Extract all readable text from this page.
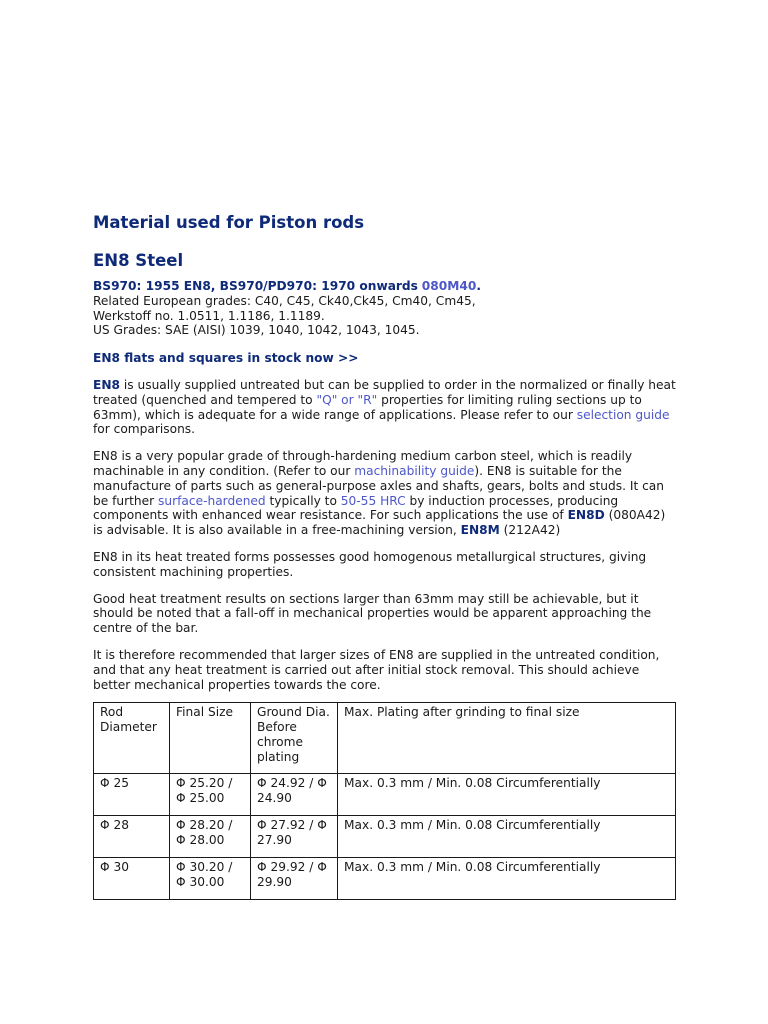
Material used for Piston rods
EN8 Steel
BS970: 1955 EN8, BS970/PD970: 1970 onwards 080M40.
Related European grades: C40, C45, Ck40,Ck45, Cm40, Cm45,
Werkstoff no. 1.0511, 1.1186, 1.1189.
US Grades: SAE (AISI) 1039, 1040, 1042, 1043, 1045.

EN8 flats and squares in stock now >>

EN8 is usually supplied untreated but can be supplied to order in the normalized or finally heat treated (quenched and tempered to "Q" or "R" properties for limiting ruling sections up to 63mm), which is adequate for a wide range of applications. Please refer to our selection guide for comparisons.

EN8 is a very popular grade of through-hardening medium carbon steel, which is readily machinable in any condition. (Refer to our machinability guide). EN8 is suitable for the manufacture of parts such as general-purpose axles and shafts, gears, bolts and studs. It can be further surface-hardened typically to 50-55 HRC by induction processes, producing components with enhanced wear resistance. For such applications the use of EN8D (080A42) is advisable. It is also available in a free-machining version, EN8M (212A42)

EN8 in its heat treated forms possesses good homogenous metallurgical structures, giving consistent machining properties.

Good heat treatment results on sections larger than 63mm may still be achievable, but it should be noted that a fall-off in mechanical properties would be apparent approaching the centre of the bar.

It is therefore recommended that larger sizes of EN8 are supplied in the untreated condition, and that any heat treatment is carried out after initial stock removal. This should achieve better mechanical properties towards the core.

Rod Diameter	Final Size	Ground Dia. Before chrome plating	Max. Plating after grinding to final size
Φ 25	Φ 25.20 / Φ 25.00	Φ 24.92 / Φ 24.90	Max. 0.3 mm / Min. 0.08 Circumferentially
Φ 28	Φ 28.20 / Φ 28.00	Φ 27.92 / Φ 27.90	Max. 0.3 mm / Min. 0.08 Circumferentially
Φ 30	Φ 30.20 / Φ 30.00	Φ 29.92 / Φ 29.90	Max. 0.3 mm / Min. 0.08 Circumferentially
